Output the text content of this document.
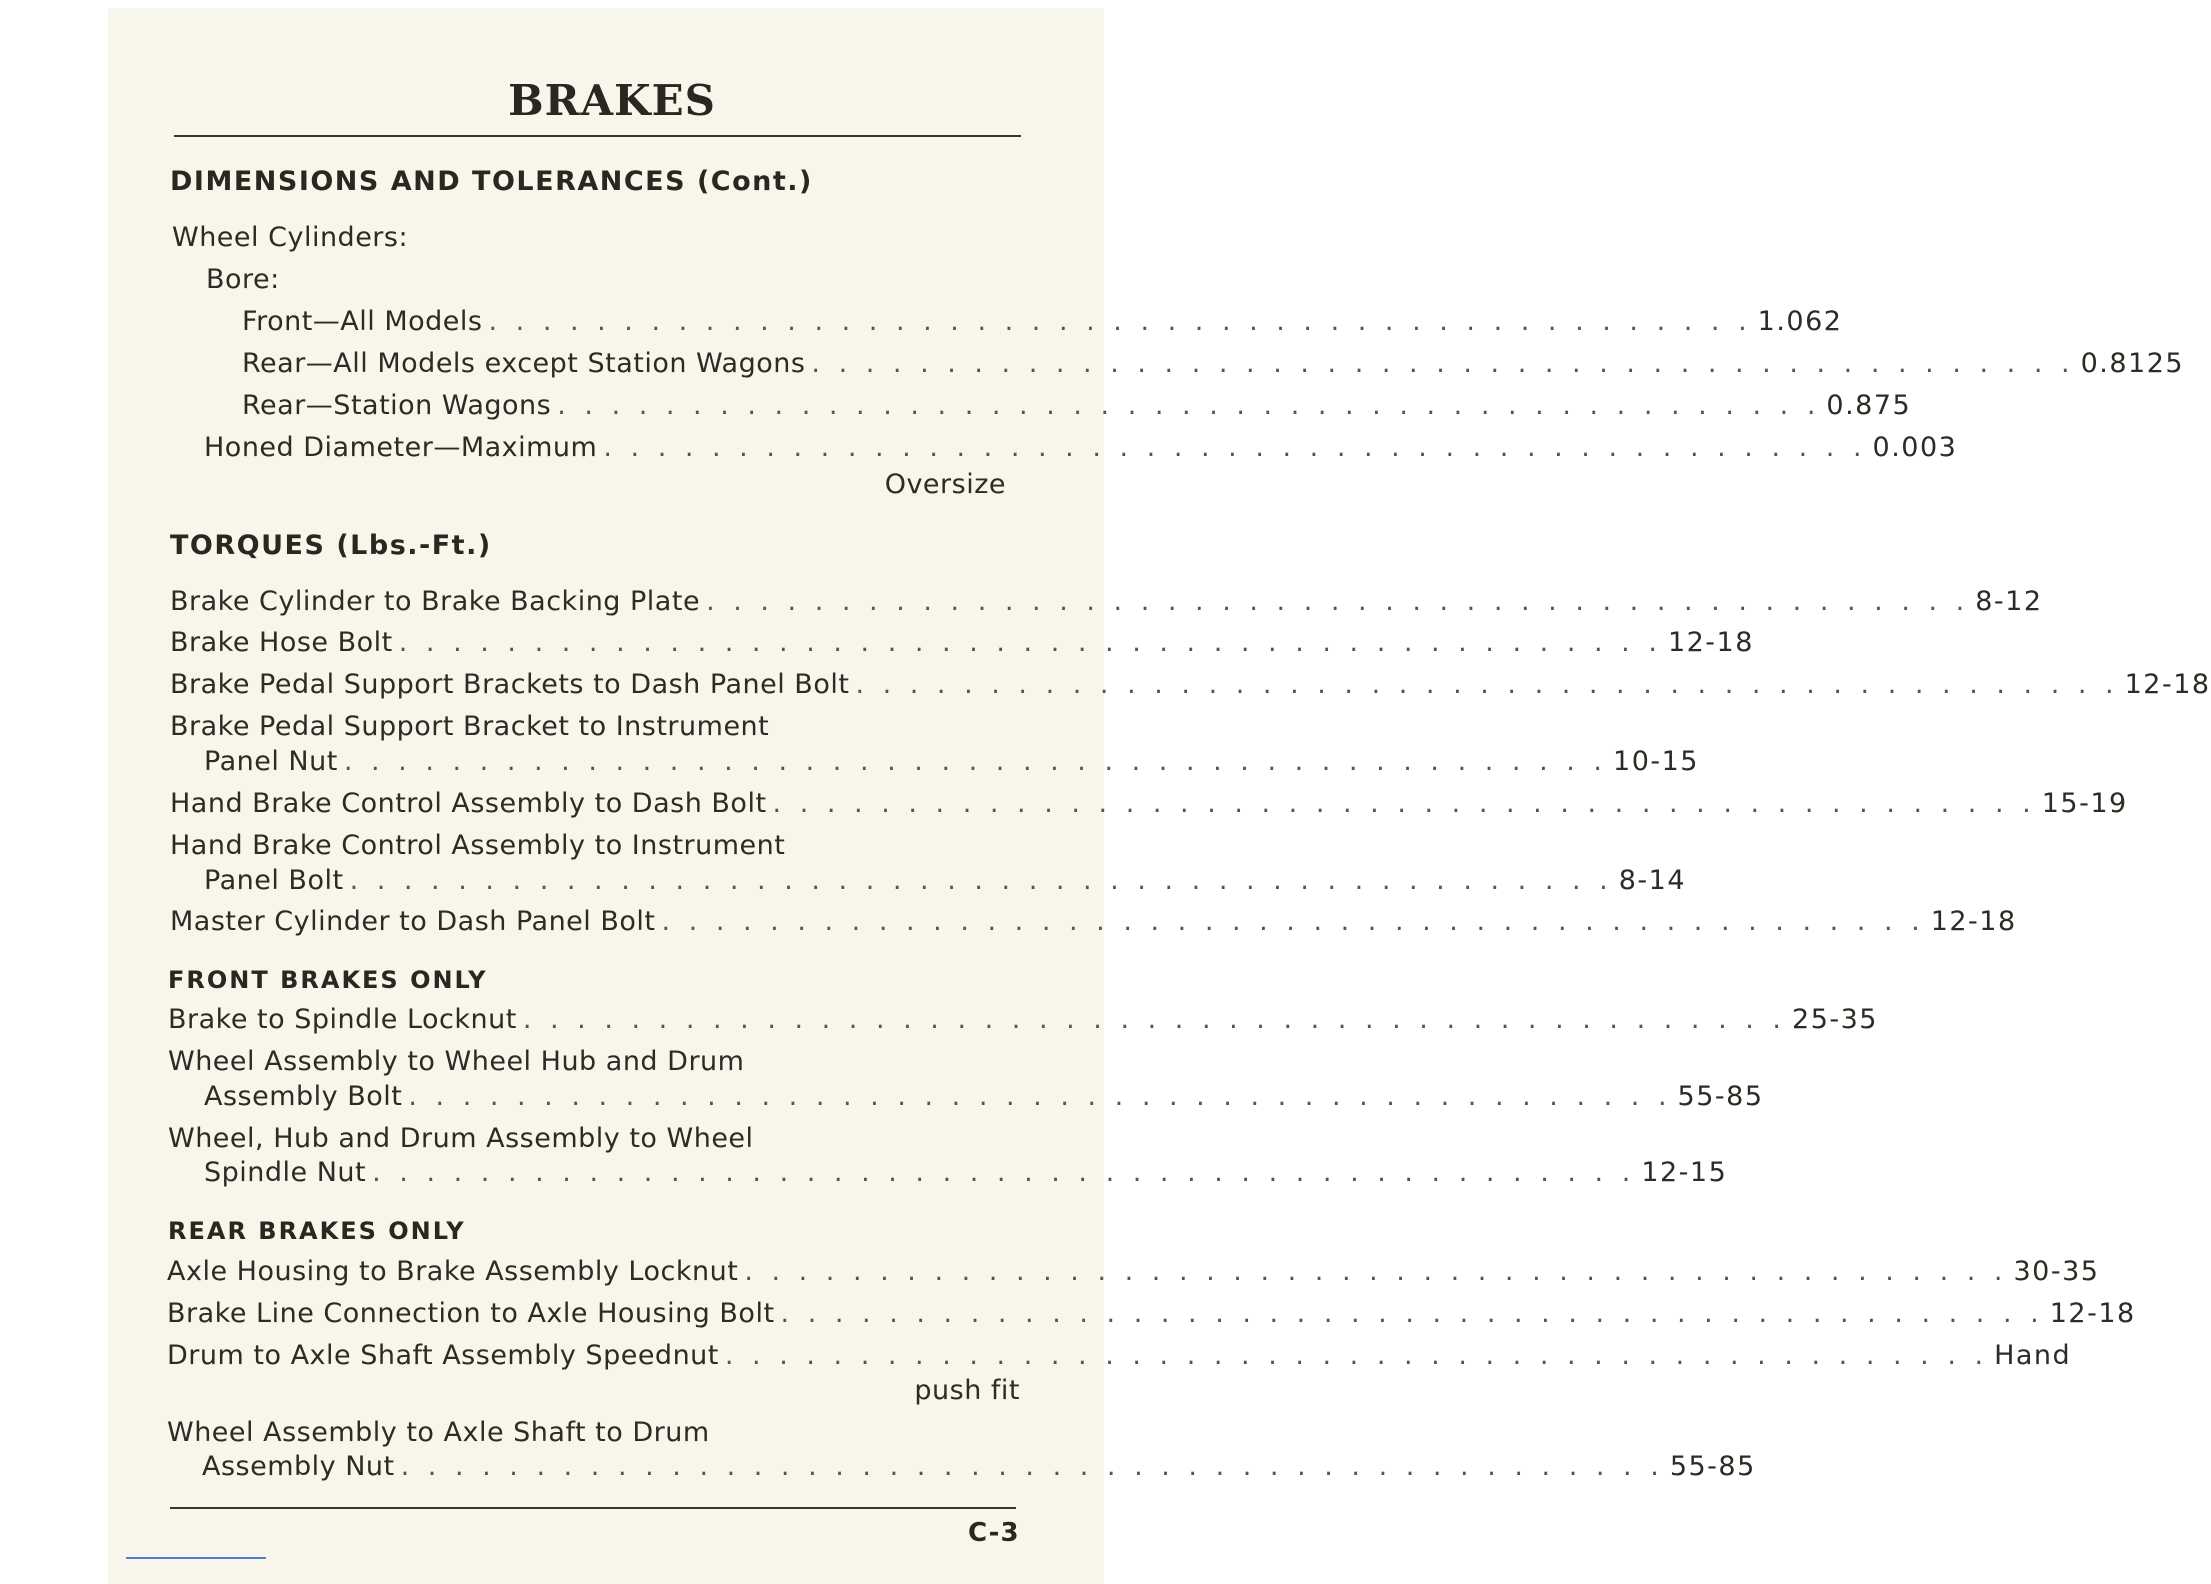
BRAKES
DIMENSIONS AND TOLERANCES (Cont.)
Wheel Cylinders:
Bore:
Front—All Models . . . . . . . . . . . . . . . . . . . . . . . . . . . . . . . . . . . . . . . . . . . . . . . 1.062
Rear—All Models except Station Wagons . . . . . . . . . . . . . . . . . . . . . . . . . . . . . . . . . . . . . . . . . . . . . . . 0.8125
Rear—Station Wagons . . . . . . . . . . . . . . . . . . . . . . . . . . . . . . . . . . . . . . . . . . . . . . . 0.875
Honed Diameter—Maximum . . . . . . . . . . . . . . . . . . . . . . . . . . . . . . . . . . . . . . . . . . . . . . . 0.003
Oversize
TORQUES (Lbs.-Ft.)
Brake Cylinder to Brake Backing Plate . . . . . . . . . . . . . . . . . . . . . . . . . . . . . . . . . . . . . . . . . . . . . . . 8-12
Brake Hose Bolt . . . . . . . . . . . . . . . . . . . . . . . . . . . . . . . . . . . . . . . . . . . . . . . 12-18
Brake Pedal Support Brackets to Dash Panel Bolt . . . . . . . . . . . . . . . . . . . . . . . . . . . . . . . . . . . . . . . . . . . . . . . 12-18
Brake Pedal Support Bracket to Instrument
Panel Nut . . . . . . . . . . . . . . . . . . . . . . . . . . . . . . . . . . . . . . . . . . . . . . . 10-15
Hand Brake Control Assembly to Dash Bolt . . . . . . . . . . . . . . . . . . . . . . . . . . . . . . . . . . . . . . . . . . . . . . . 15-19
Hand Brake Control Assembly to Instrument
Panel Bolt . . . . . . . . . . . . . . . . . . . . . . . . . . . . . . . . . . . . . . . . . . . . . . . 8-14
Master Cylinder to Dash Panel Bolt . . . . . . . . . . . . . . . . . . . . . . . . . . . . . . . . . . . . . . . . . . . . . . . 12-18
FRONT BRAKES ONLY
Brake to Spindle Locknut . . . . . . . . . . . . . . . . . . . . . . . . . . . . . . . . . . . . . . . . . . . . . . . 25-35
Wheel Assembly to Wheel Hub and Drum
Assembly Bolt . . . . . . . . . . . . . . . . . . . . . . . . . . . . . . . . . . . . . . . . . . . . . . . 55-85
Wheel, Hub and Drum Assembly to Wheel
Spindle Nut . . . . . . . . . . . . . . . . . . . . . . . . . . . . . . . . . . . . . . . . . . . . . . . 12-15
REAR BRAKES ONLY
Axle Housing to Brake Assembly Locknut . . . . . . . . . . . . . . . . . . . . . . . . . . . . . . . . . . . . . . . . . . . . . . . 30-35
Brake Line Connection to Axle Housing Bolt . . . . . . . . . . . . . . . . . . . . . . . . . . . . . . . . . . . . . . . . . . . . . . . 12-18
Drum to Axle Shaft Assembly Speednut . . . . . . . . . . . . . . . . . . . . . . . . . . . . . . . . . . . . . . . . . . . . . . . Hand
push fit
Wheel Assembly to Axle Shaft to Drum
Assembly Nut . . . . . . . . . . . . . . . . . . . . . . . . . . . . . . . . . . . . . . . . . . . . . . . 55-85
C-3
